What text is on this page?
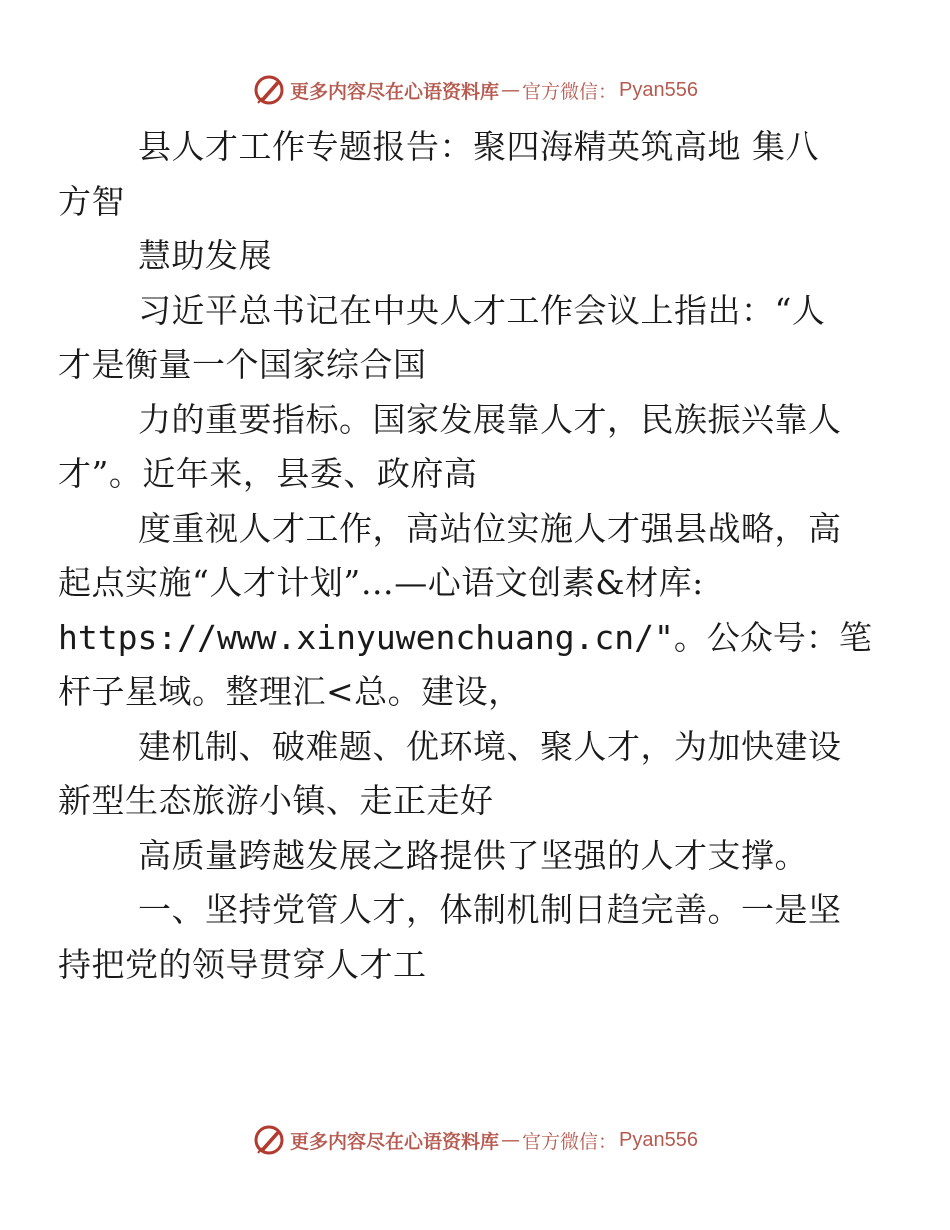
更多内容尽在心语资料库 — 官方微信： Pyan556

县人才工作专题报告：聚四海精英筑高地 集八
方智

慧助发展

习近平总书记在中央人才工作会议上指出：“人
才是衡量一个国家综合国

力的重要指标。国家发展靠人才，民族振兴靠人
才”。近年来，县委、政府高

度重视人才工作，高站位实施人才强县战略，高
起点实施“人才计划”…—心语文创素&材库:
https://www.xinyuwenchuang.cn/"。公众号：笔
杆子星域。整理汇<总。建设，

建机制、破难题、优环境、聚人才，为加快建设
新型生态旅游小镇、走正走好

高质量跨越发展之路提供了坚强的人才支撑。

一、坚持党管人才，体制机制日趋完善。一是坚
持把党的领导贯穿人才工

更多内容尽在心语资料库 — 官方微信： Pyan556
